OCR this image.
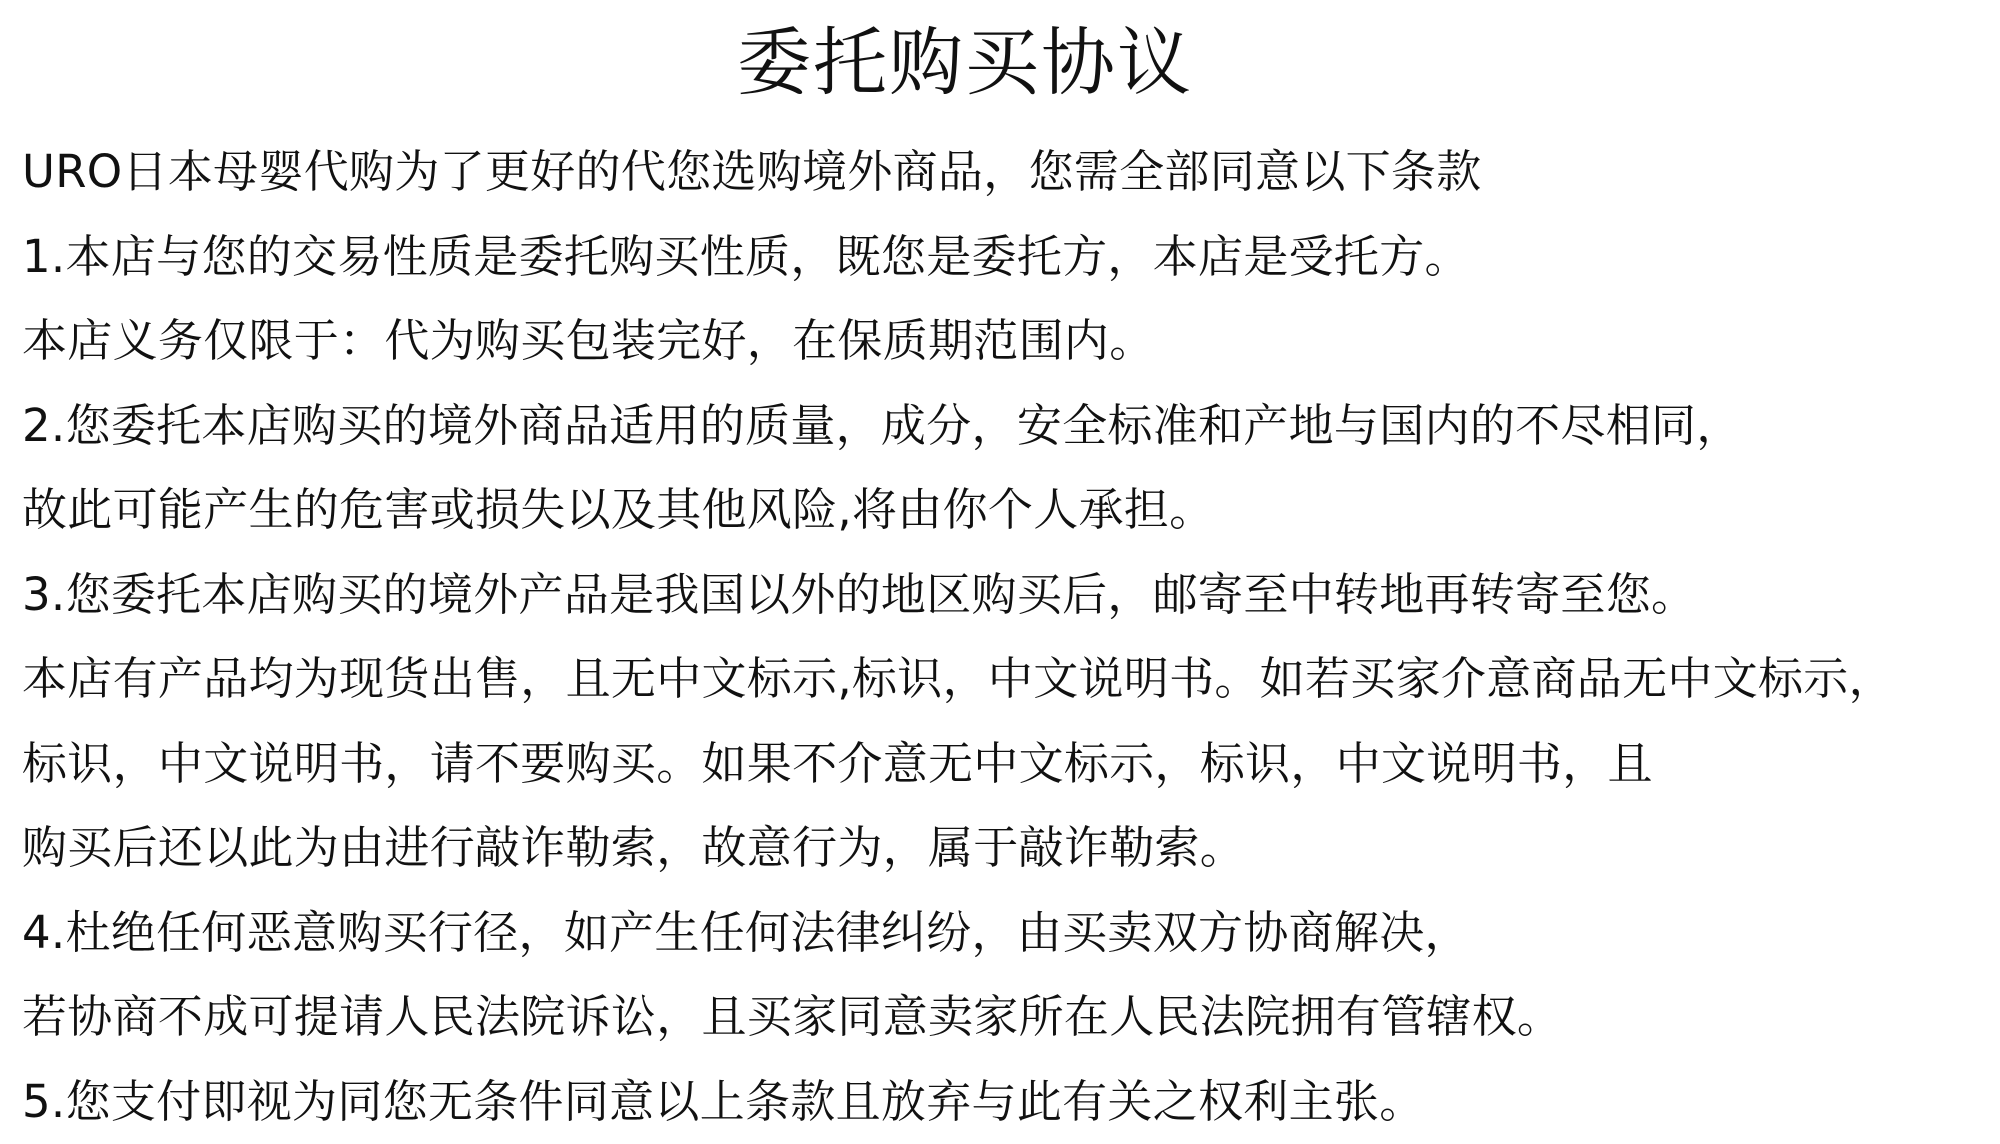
委托购买协议
URO日本母婴代购为了更好的代您选购境外商品，您需全部同意以下条款
1.本店与您的交易性质是委托购买性质，既您是委托方，本店是受托方。
本店义务仅限于：代为购买包装完好，在保质期范围内。
2.您委托本店购买的境外商品适用的质量，成分，安全标准和产地与国内的不尽相同，
故此可能产生的危害或损失以及其他风险,将由你个人承担。
3.您委托本店购买的境外产品是我国以外的地区购买后，邮寄至中转地再转寄至您。
本店有产品均为现货出售，且无中文标示,标识，中文说明书。如若买家介意商品无中文标示，
标识，中文说明书，请不要购买。如果不介意无中文标示，标识，中文说明书，且
购买后还以此为由进行敲诈勒索，故意行为，属于敲诈勒索。
4.杜绝任何恶意购买行径，如产生任何法律纠纷，由买卖双方协商解决，
若协商不成可提请人民法院诉讼，且买家同意卖家所在人民法院拥有管辖权。
5.您支付即视为同您无条件同意以上条款且放弃与此有关之权利主张。
